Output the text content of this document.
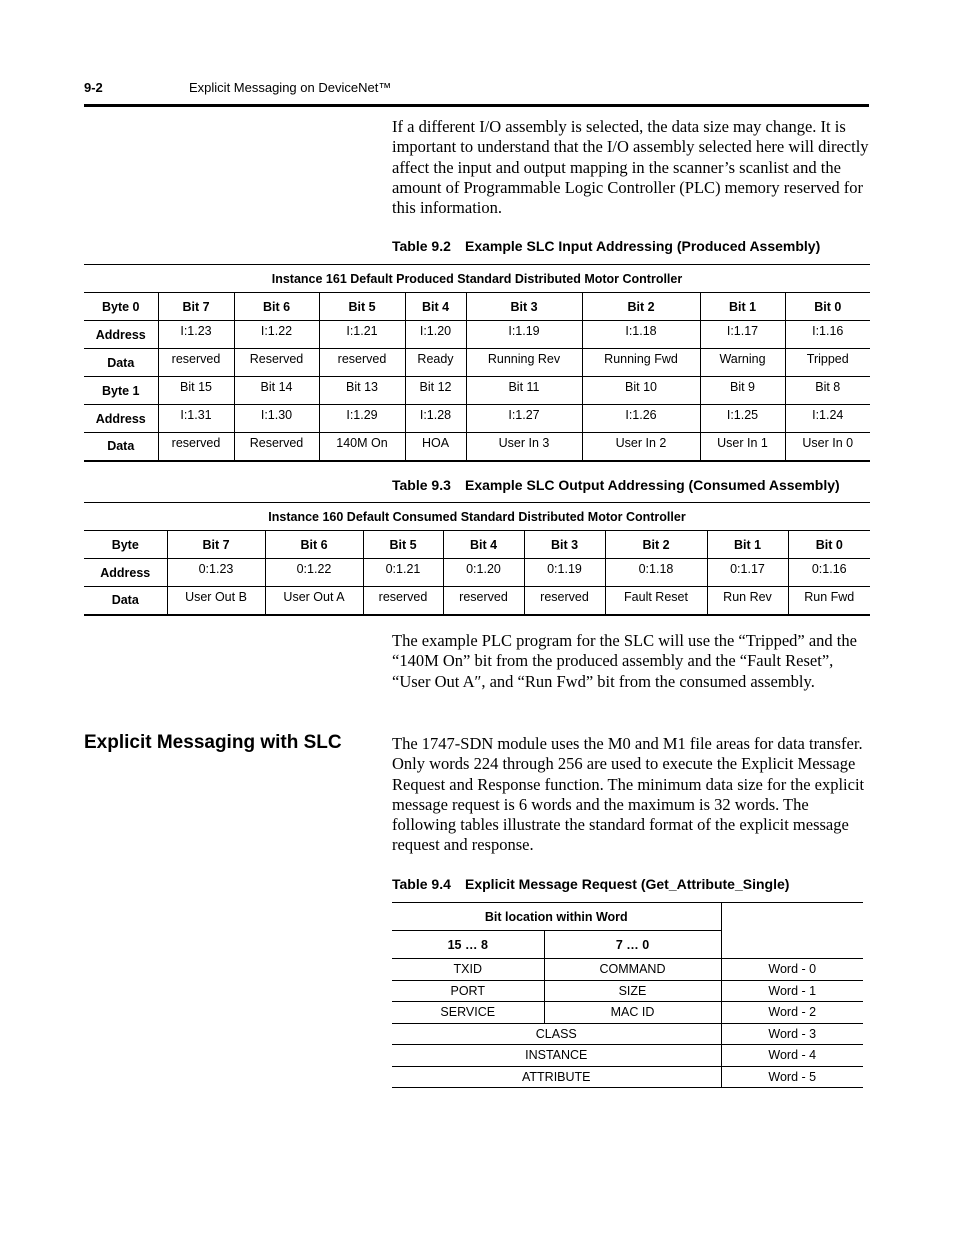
9-2	Explicit Messaging on DeviceNet™

If a different I/O assembly is selected, the data size may change. It is important to understand that the I/O assembly selected here will directly affect the input and output mapping in the scanner’s scanlist and the amount of Programmable Logic Controller (PLC) memory reserved for this information.

Table 9.2 Example SLC Input Addressing (Produced Assembly)

Instance 161 Default Produced Standard Distributed Motor Controller								
Byte 0	Bit 7	Bit 6	Bit 5	Bit 4	Bit 3	Bit 2	Bit 1	Bit 0
Address	I:1.23	I:1.22	I:1.21	I:1.20	I:1.19	I:1.18	I:1.17	I:1.16
Data	reserved	Reserved	reserved	Ready	Running Rev	Running Fwd	Warning	Tripped
Byte 1	Bit 15	Bit 14	Bit 13	Bit 12	Bit 11	Bit 10	Bit 9	Bit 8
Address	I:1.31	I:1.30	I:1.29	I:1.28	I:1.27	I:1.26	I:1.25	I:1.24
Data	reserved	Reserved	140M On	HOA	User In 3	User In 2	User In 1	User In 0

Table 9.3 Example SLC Output Addressing (Consumed Assembly)

Instance 160 Default Consumed Standard Distributed Motor Controller								
Byte	Bit 7	Bit 6	Bit 5	Bit 4	Bit 3	Bit 2	Bit 1	Bit 0
Address	0:1.23	0:1.22	0:1.21	0:1.20	0:1.19	0:1.18	0:1.17	0:1.16
Data	User Out B	User Out A	reserved	reserved	reserved	Fault Reset	Run Rev	Run Fwd

The example PLC program for the SLC will use the “Tripped” and the “140M On” bit from the produced assembly and the “Fault Reset”, “User Out A″, and “Run Fwd” bit from the consumed assembly.

Explicit Messaging with SLC	The 1747-SDN module uses the M0 and M1 file areas for data transfer. Only words 224 through 256 are used to execute the Explicit Message Request and Response function. The minimum data size for the explicit message request is 6 words and the maximum is 32 words. The following tables illustrate the standard format of the explicit message request and response.

Table 9.4 Explicit Message Request (Get_Attribute_Single)

Bit location within Word		
15 … 8	7 … 0	
TXID	COMMAND	Word - 0
PORT	SIZE	Word - 1
SERVICE	MAC ID	Word - 2
CLASS		Word - 3
INSTANCE		Word - 4
ATTRIBUTE		Word - 5
